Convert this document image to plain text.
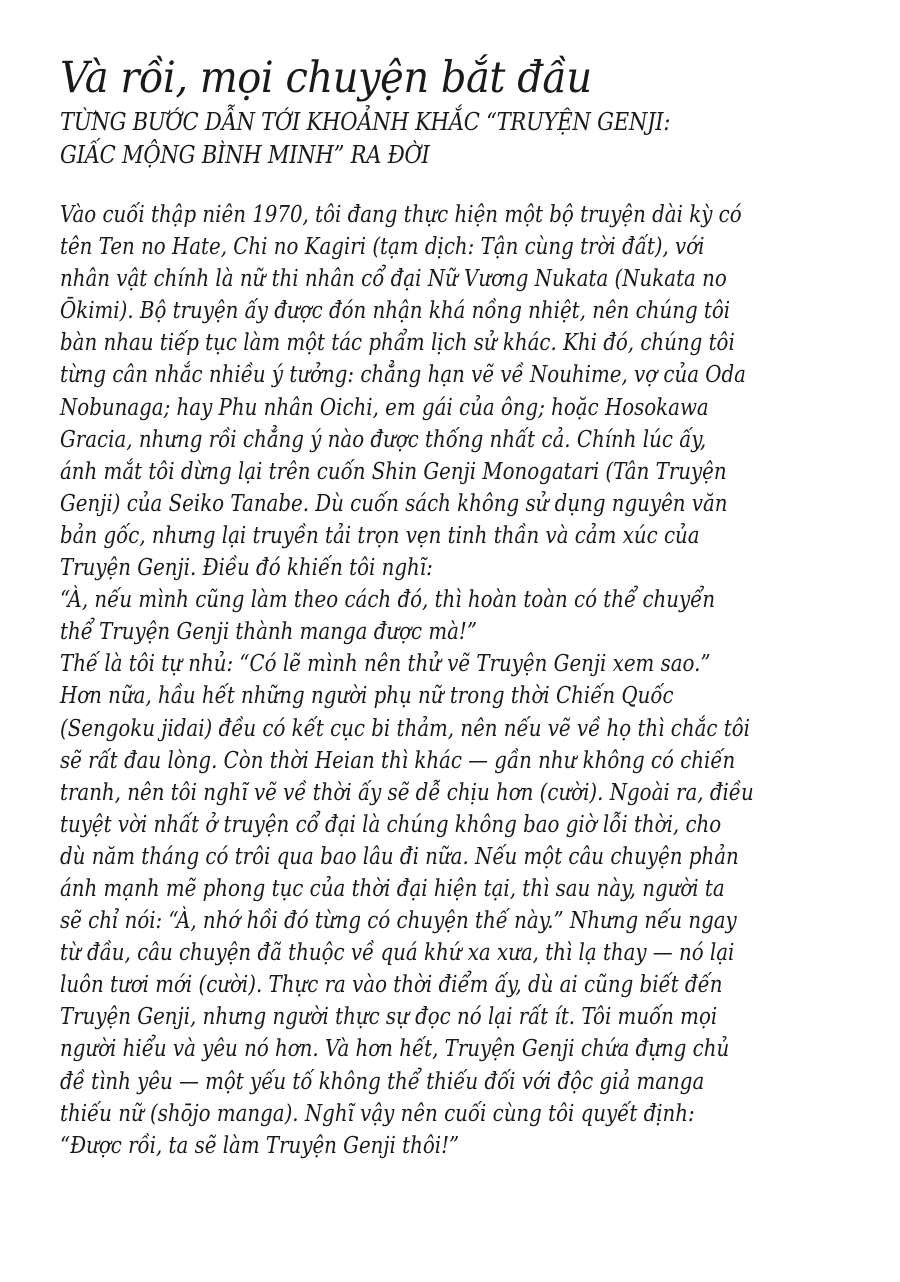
Và rồi, mọi chuyện bắt đầu
TỪNG BƯỚC DẪN TỚI KHOẢNH KHẮC “TRUYỆN GENJI:
GIẤC MỘNG BÌNH MINH” RA ĐỜI
Vào cuối thập niên 1970, tôi đang thực hiện một bộ truyện dài kỳ có
tên Ten no Hate, Chi no Kagiri (tạm dịch: Tận cùng trời đất), với
nhân vật chính là nữ thi nhân cổ đại Nữ Vương Nukata (Nukata no
Ōkimi). Bộ truyện ấy được đón nhận khá nồng nhiệt, nên chúng tôi
bàn nhau tiếp tục làm một tác phẩm lịch sử khác. Khi đó, chúng tôi
từng cân nhắc nhiều ý tưởng: chẳng hạn vẽ về Nouhime, vợ của Oda
Nobunaga; hay Phu nhân Oichi, em gái của ông; hoặc Hosokawa
Gracia, nhưng rồi chẳng ý nào được thống nhất cả. Chính lúc ấy,
ánh mắt tôi dừng lại trên cuốn Shin Genji Monogatari (Tân Truyện
Genji) của Seiko Tanabe. Dù cuốn sách không sử dụng nguyên văn
bản gốc, nhưng lại truyền tải trọn vẹn tinh thần và cảm xúc của
Truyện Genji. Điều đó khiến tôi nghĩ:
“À, nếu mình cũng làm theo cách đó, thì hoàn toàn có thể chuyển
thể Truyện Genji thành manga được mà!”
Thế là tôi tự nhủ: “Có lẽ mình nên thử vẽ Truyện Genji xem sao.”
Hơn nữa, hầu hết những người phụ nữ trong thời Chiến Quốc
(Sengoku jidai) đều có kết cục bi thảm, nên nếu vẽ về họ thì chắc tôi
sẽ rất đau lòng. Còn thời Heian thì khác — gần như không có chiến
tranh, nên tôi nghĩ vẽ về thời ấy sẽ dễ chịu hơn (cười). Ngoài ra, điều
tuyệt vời nhất ở truyện cổ đại là chúng không bao giờ lỗi thời, cho
dù năm tháng có trôi qua bao lâu đi nữa. Nếu một câu chuyện phản
ánh mạnh mẽ phong tục của thời đại hiện tại, thì sau này, người ta
sẽ chỉ nói: “À, nhớ hồi đó từng có chuyện thế này.” Nhưng nếu ngay
từ đầu, câu chuyện đã thuộc về quá khứ xa xưa, thì lạ thay — nó lại
luôn tươi mới (cười). Thực ra vào thời điểm ấy, dù ai cũng biết đến
Truyện Genji, nhưng người thực sự đọc nó lại rất ít. Tôi muốn mọi
người hiểu và yêu nó hơn. Và hơn hết, Truyện Genji chứa đựng chủ
đề tình yêu — một yếu tố không thể thiếu đối với độc giả manga
thiếu nữ (shōjo manga). Nghĩ vậy nên cuối cùng tôi quyết định:
“Được rồi, ta sẽ làm Truyện Genji thôi!”
